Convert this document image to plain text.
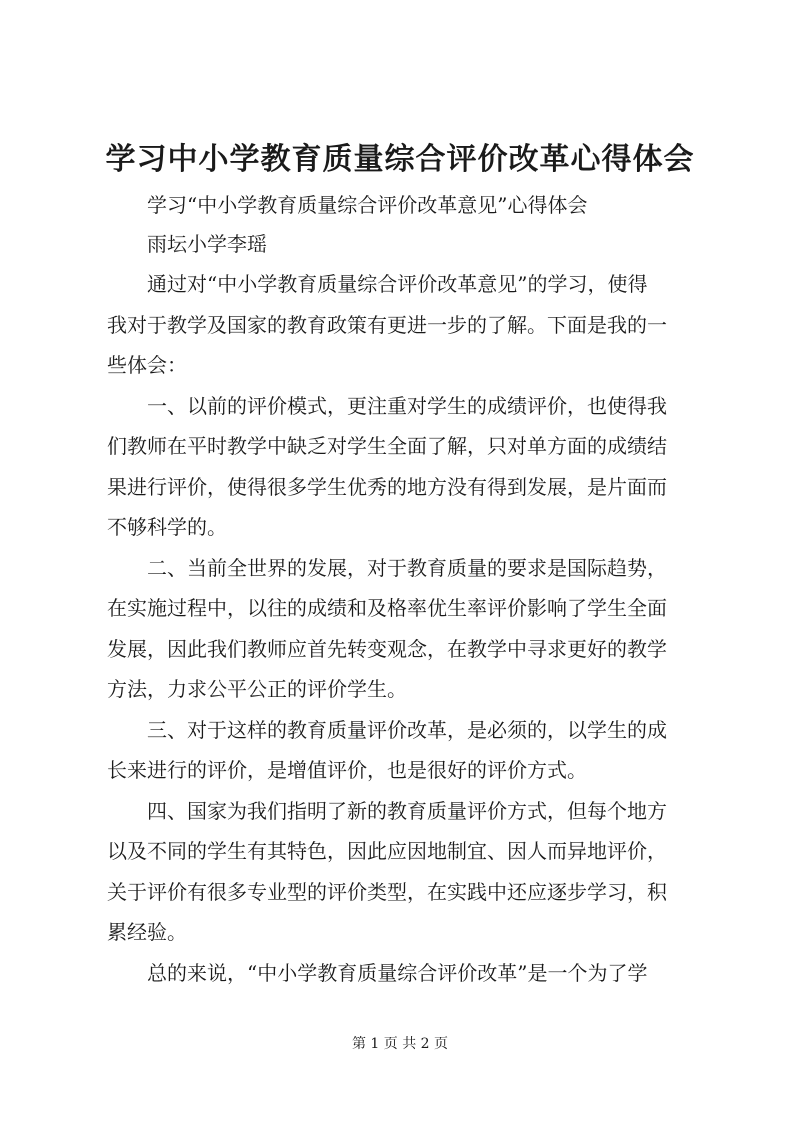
学习中小学教育质量综合评价改革心得体会

学习“中小学教育质量综合评价改革意见”心得体会

雨坛小学李瑶

通过对“中小学教育质量综合评价改革意见”的学习，使得

我对于教学及国家的教育政策有更进一步的了解。下面是我的一

些体会：

一、以前的评价模式，更注重对学生的成绩评价，也使得我

们教师在平时教学中缺乏对学生全面了解，只对单方面的成绩结

果进行评价，使得很多学生优秀的地方没有得到发展，是片面而

不够科学的。

二、当前全世界的发展，对于教育质量的要求是国际趋势，

在实施过程中，以往的成绩和及格率优生率评价影响了学生全面

发展，因此我们教师应首先转变观念，在教学中寻求更好的教学

方法，力求公平公正的评价学生。

三、对于这样的教育质量评价改革，是必须的，以学生的成

长来进行的评价，是增值评价，也是很好的评价方式。

四、国家为我们指明了新的教育质量评价方式，但每个地方

以及不同的学生有其特色，因此应因地制宜、因人而异地评价，

关于评价有很多专业型的评价类型，在实践中还应逐步学习，积

累经验。

总的来说，“中小学教育质量综合评价改革”是一个为了学

第 1 页 共 2 页
